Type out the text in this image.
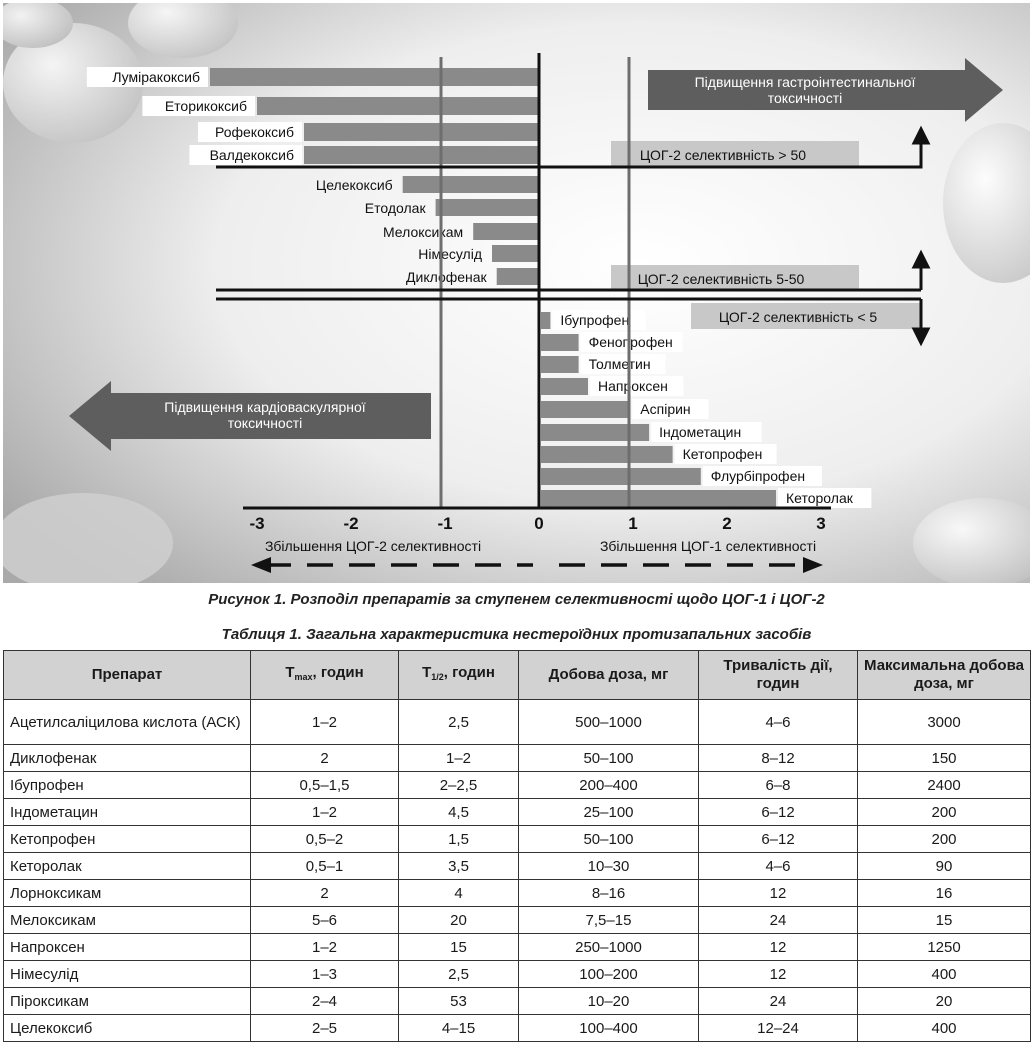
ЦОГ-2 селективність > 50
ЦОГ-2 селективність 5-50
ЦОГ-2 селективність < 5
Луміракоксиб
Еторикоксиб
Рофекоксиб
Валдекоксиб
Целекоксиб
Етодолак
Мелоксикам
Німесулід
Диклофенак
Ібупрофен
Фенопрофен
Толметин
Напроксен
Аспірин
Індометацин
Кетопрофен
Флурбіпрофен
Кеторолак
Підвищення гастроінтестинальної
токсичності
Підвищення кардіоваскулярної
токсичності
-3	-2	-1	0	1	2	3
Збільшення ЦОГ-2 селективності	Збільшення ЦОГ-1 селективності
Рисунок 1. Розподіл препаратів за ступенем селективності щодо ЦОГ-1 і ЦОГ-2
Таблиця 1. Загальна характеристика нестероїдних протизапальних засобів
Препарат	$T_{max}$, годин	$T_{1/2}$, годин	Добова доза, мг	Тривалість дії, годин	Максимальна добова доза, мг
Ацетилсаліцилова кислота (АСК)	1–2	2,5	500–1000	4–6	3000
Диклофенак	2	1–2	50–100	8–12	150
Ібупрофен	0,5–1,5	2–2,5	200–400	6–8	2400
Індометацин	1–2	4,5	25–100	6–12	200
Кетопрофен	0,5–2	1,5	50–100	6–12	200
Кеторолак	0,5–1	3,5	10–30	4–6	90
Лорноксикам	2	4	8–16	12	16
Мелоксикам	5–6	20	7,5–15	24	15
Напроксен	1–2	15	250–1000	12	1250
Німесулід	1–3	2,5	100–200	12	400
Піроксикам	2–4	53	10–20	24	20
Целекоксиб	2–5	4–15	100–400	12–24	400
